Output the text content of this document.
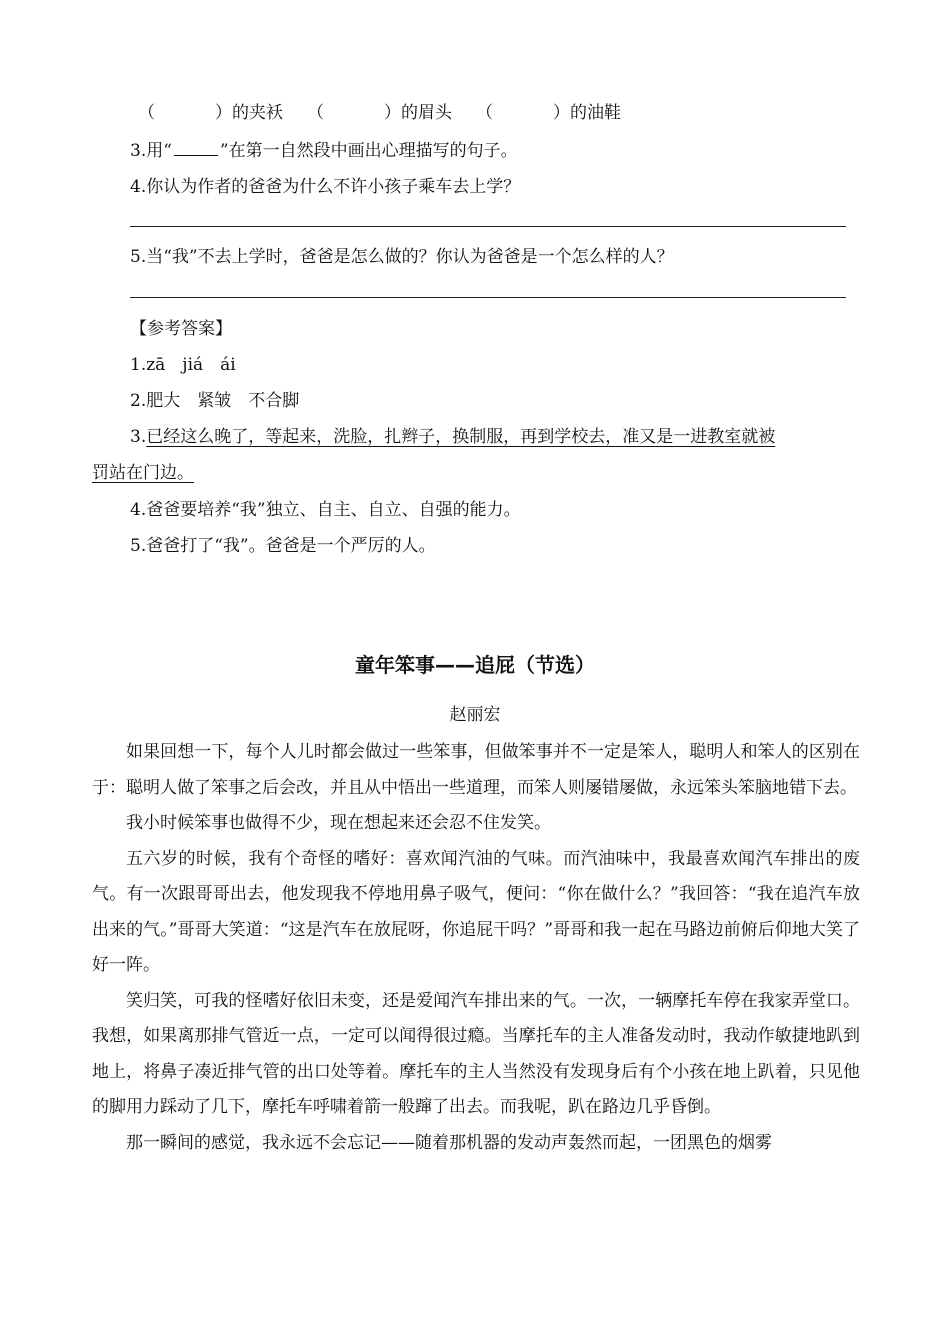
（	）的夹袄 （	）的眉头 （	）的油鞋
3.用“	”在第一自然段中画出心理描写的句子。
4.你认为作者的爸爸为什么不许小孩子乘车去上学？
5.当“我”不去上学时，爸爸是怎么做的？你认为爸爸是一个怎么样的人？
【参考答案】
1.zā　jiá　ái
2.肥大　紧皱　不合脚
3.已经这么晚了，等起来，洗脸，扎辫子，换制服，再到学校去，准又是一进教室就被
罚站在门边。
4.爸爸要培养“我”独立、自主、自立、自强的能力。
5.爸爸打了“我”。爸爸是一个严厉的人。
童年笨事——追屁（节选）
赵丽宏

如果回想一下，每个人儿时都会做过一些笨事，但做笨事并不一定是笨人，聪明人和笨人的区别在于：聪明人做了笨事之后会改，并且从中悟出一些道理，而笨人则屡错屡做，永远笨头笨脑地错下去。

我小时候笨事也做得不少，现在想起来还会忍不住发笑。

五六岁的时候，我有个奇怪的嗜好：喜欢闻汽油的气味。而汽油味中，我最喜欢闻汽车排出的废气。有一次跟哥哥出去，他发现我不停地用鼻子吸气，便问：“你在做什么？”我回答：“我在追汽车放出来的气。”哥哥大笑道：“这是汽车在放屁呀，你追屁干吗？”哥哥和我一起在马路边前俯后仰地大笑了好一阵。

笑归笑，可我的怪嗜好依旧未变，还是爱闻汽车排出来的气。一次，一辆摩托车停在我家弄堂口。我想，如果离那排气管近一点，一定可以闻得很过瘾。当摩托车的主人准备发动时，我动作敏捷地趴到地上，将鼻子凑近排气管的出口处等着。摩托车的主人当然没有发现身后有个小孩在地上趴着，只见他的脚用力踩动了几下，摩托车呼啸着箭一般蹿了出去。而我呢，趴在路边几乎昏倒。

那一瞬间的感觉，我永远不会忘记——随着那机器的发动声轰然而起，一团黑色的烟雾
